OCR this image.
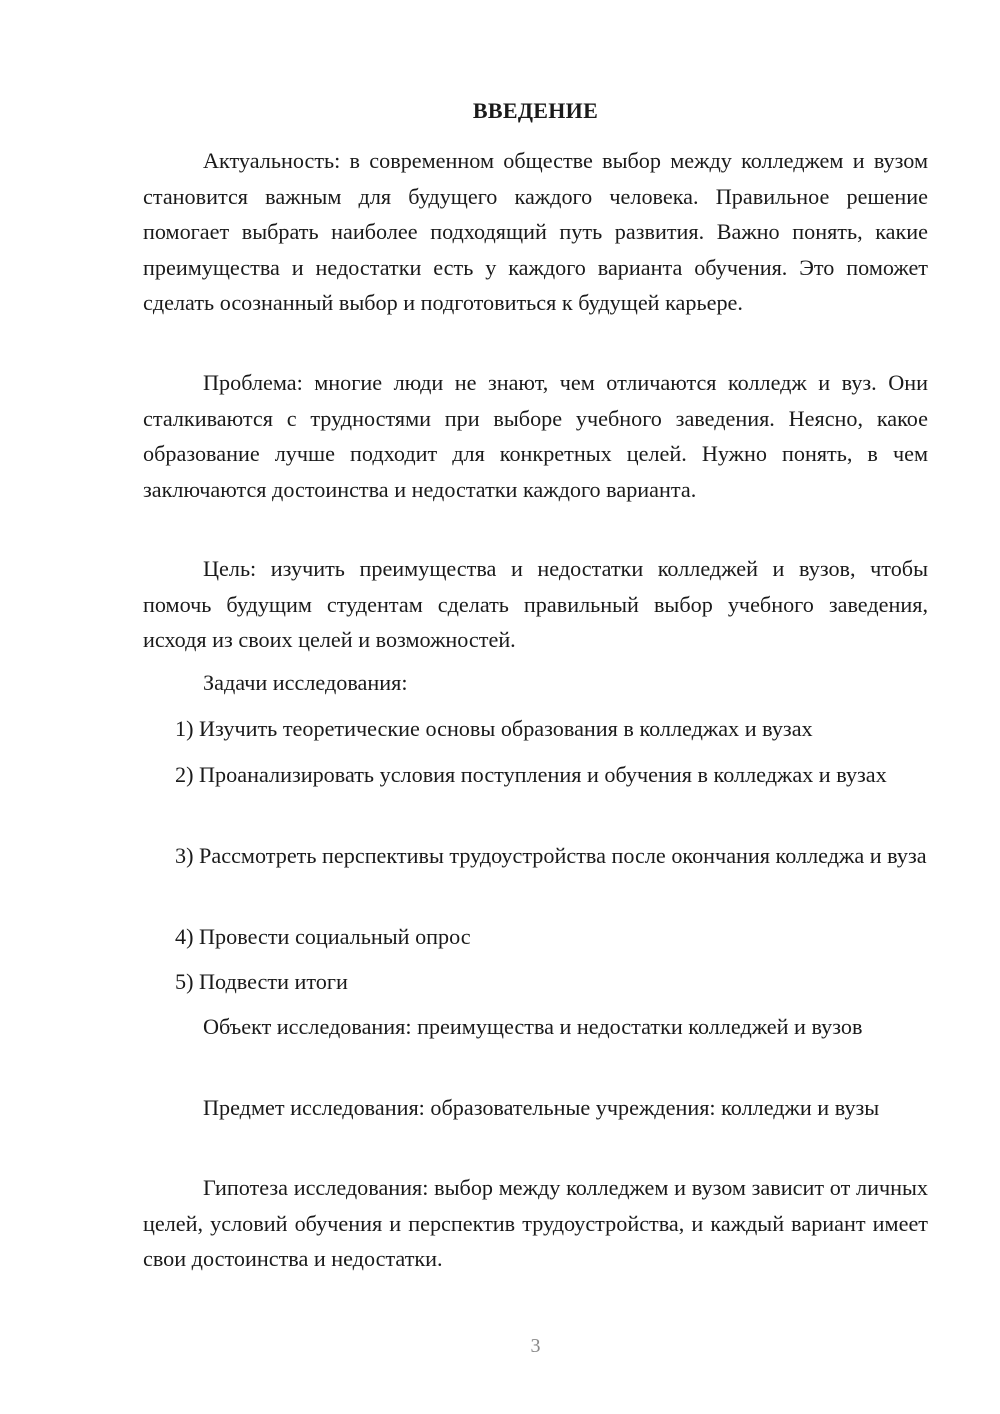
ВВЕДЕНИЕ

Актуальность: в современном обществе выбор между колледжем и вузом становится важным для будущего каждого человека. Правильное решение помогает выбрать наиболее подходящий путь развития. Важно понять, какие преимущества и недостатки есть у каждого варианта обучения. Это поможет сделать осознанный выбор и подготовиться к будущей карьере.

Проблема: многие люди не знают, чем отличаются колледж и вуз. Они сталкиваются с трудностями при выборе учебного заведения. Неясно, какое образование лучше подходит для конкретных целей. Нужно понять, в чем заключаются достоинства и недостатки каждого варианта.

Цель: изучить преимущества и недостатки колледжей и вузов, чтобы помочь будущим студентам сделать правильный выбор учебного заведения, исходя из своих целей и возможностей.

Задачи исследования:

1) Изучить теоретические основы образования в колледжах и вузах

2) Проанализировать условия поступления и обучения в колледжах и вузах

3) Рассмотреть перспективы трудоустройства после окончания колледжа и вуза

4) Провести социальный опрос

5) Подвести итоги

Объект исследования: преимущества и недостатки колледжей и вузов

Предмет исследования: образовательные учреждения: колледжи и вузы

Гипотеза исследования: выбор между колледжем и вузом зависит от личных целей, условий обучения и перспектив трудоустройства, и каждый вариант имеет свои достоинства и недостатки.

3
